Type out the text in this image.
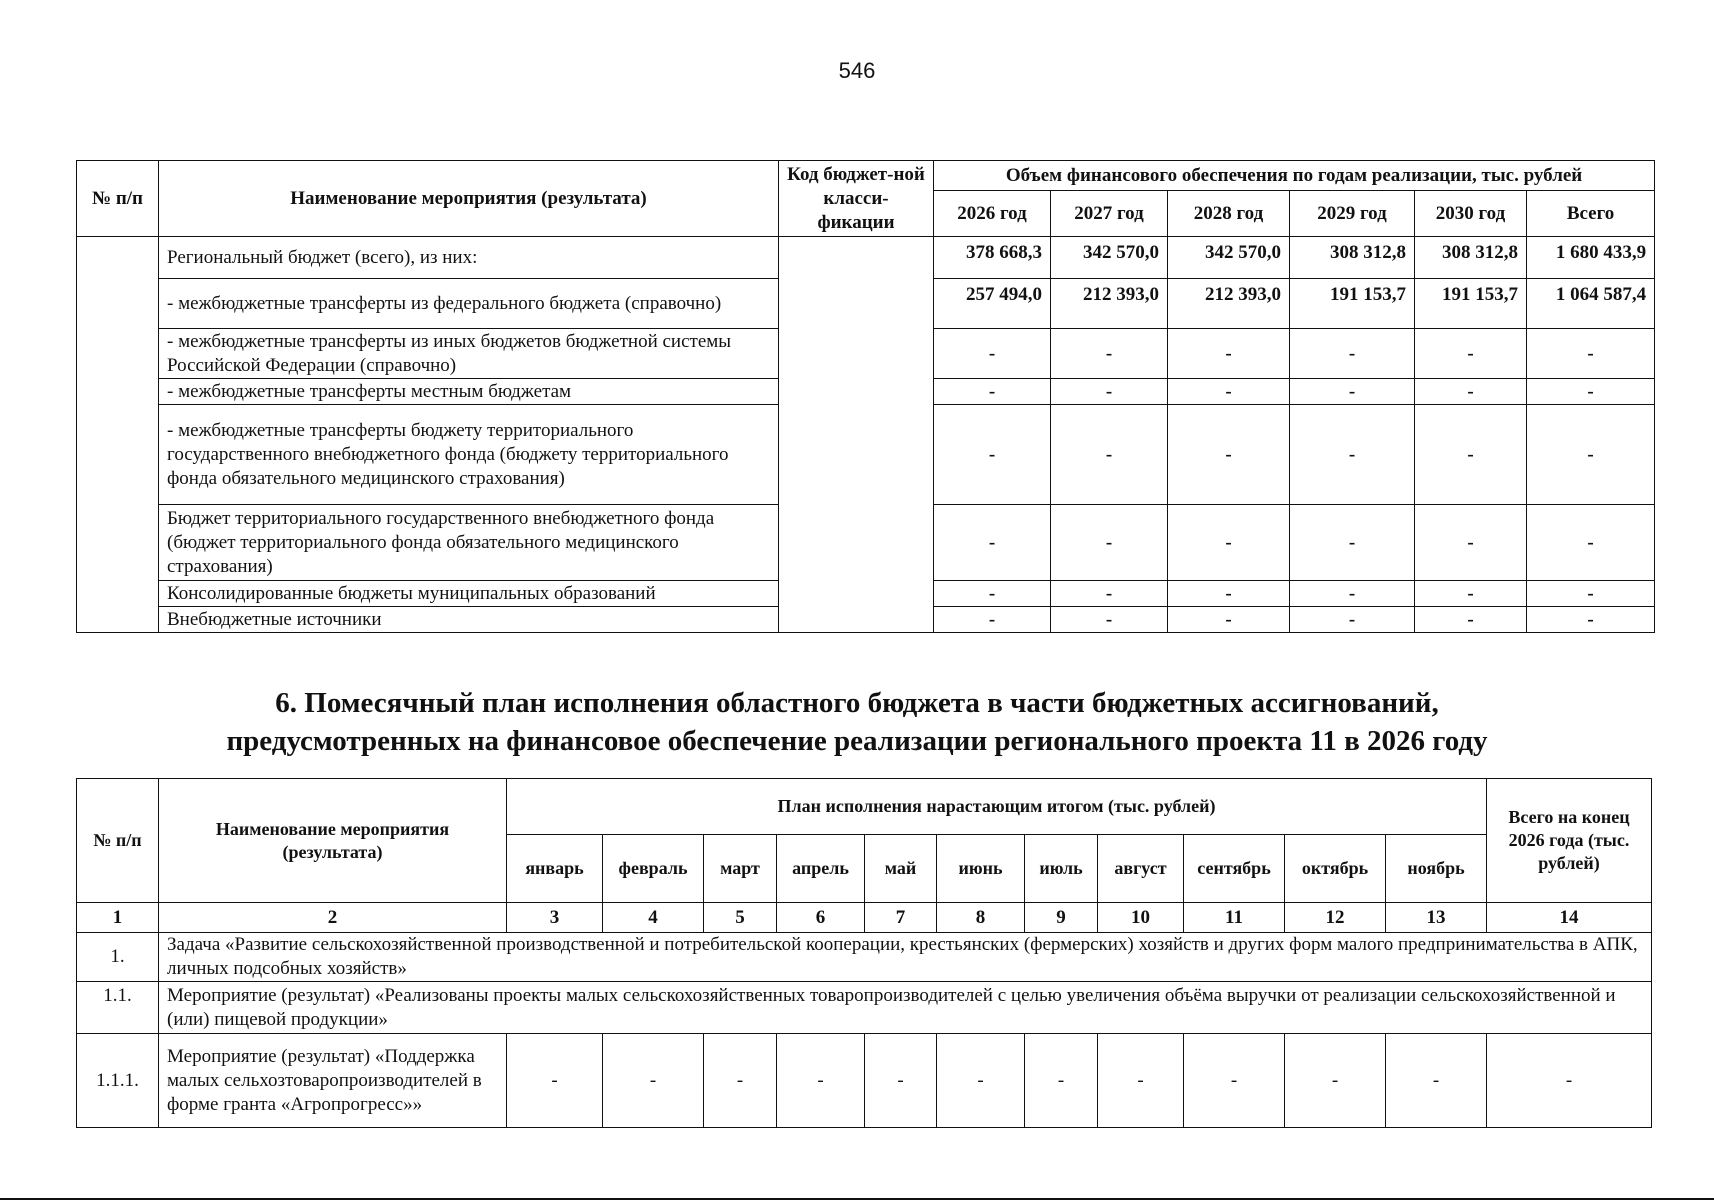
546
№ п/п	Наименование мероприятия (результата)	Код бюджет-ной класси-фикации	Объем финансового обеспечения по годам реализации, тыс. рублей					
			2026 год	2027 год	2028 год	2029 год	2030 год	Всего
	Региональный бюджет (всего), из них:		378 668,3	342 570,0	342 570,0	308 312,8	308 312,8	1 680 433,9
	- межбюджетные трансферты из федерального бюджета (справочно)		257 494,0	212 393,0	212 393,0	191 153,7	191 153,7	1 064 587,4
	- межбюджетные трансферты из иных бюджетов бюджетной системы Российской Федерации (справочно)		-	-	-	-	-	-
	- межбюджетные трансферты местным бюджетам		-	-	-	-	-	-
	- межбюджетные трансферты бюджету территориального государственного внебюджетного фонда (бюджету территориального фонда обязательного медицинского страхования)		-	-	-	-	-	-
	Бюджет территориального государственного внебюджетного фонда (бюджет территориального фонда обязательного медицинского страхования)		-	-	-	-	-	-
	Консолидированные бюджеты муниципальных образований		-	-	-	-	-	-
	Внебюджетные источники		-	-	-	-	-	-
6. Помесячный план исполнения областного бюджета в части бюджетных ассигнований,
предусмотренных на финансовое обеспечение реализации регионального проекта 11 в 2026 году
№ п/п	Наименование мероприятия (результата)	План исполнения нарастающим итогом (тыс. рублей)											Всего на конец 2026 года (тыс. рублей)
		январь	февраль	март	апрель	май	июнь	июль	август	сентябрь	октябрь	ноябрь	
1	2	3	4	5	6	7	8	9	10	11	12	13	14
1.	Задача «Развитие сельскохозяйственной производственной и потребительской кооперации, крестьянских (фермерских) хозяйств и других форм малого предпринимательства в АПК, личных подсобных хозяйств»												
1.1.	Мероприятие (результат) «Реализованы проекты малых сельскохозяйственных товаропроизводителей с целью увеличения объёма выручки от реализации сельскохозяйственной и (или) пищевой продукции»												
1.1.1.	Мероприятие (результат) «Поддержка малых сельхозтоваропроизводителей в форме гранта «Агропрогресс»»	-	-	-	-	-	-	-	-	-	-	-	-
